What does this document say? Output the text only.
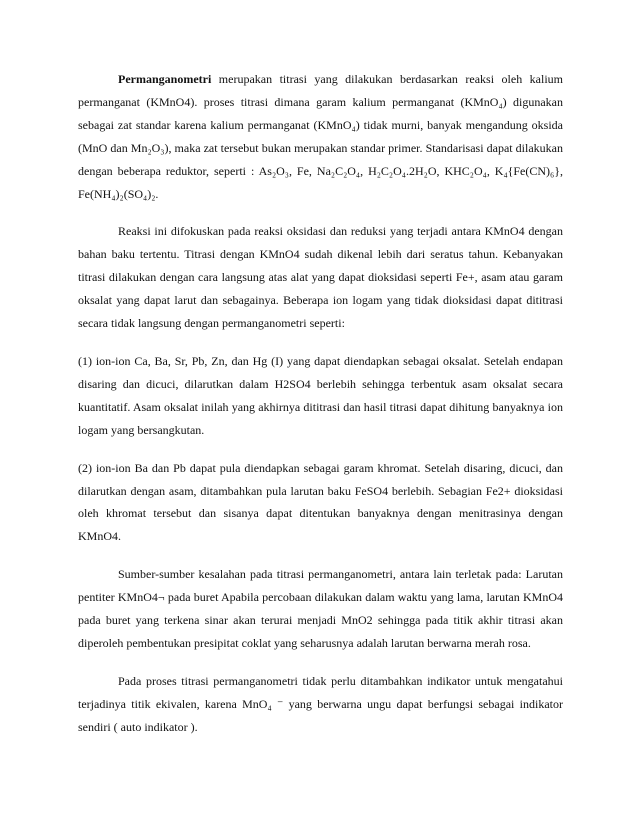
Permanganometri merupakan titrasi yang dilakukan berdasarkan reaksi oleh kalium permanganat (KMnO4). proses titrasi dimana garam kalium permanganat (KMnO₄) digunakan sebagai zat standar karena kalium permanganat (KMnO₄) tidak murni, banyak mengandung oksida (MnO dan Mn₂O₃), maka zat tersebut bukan merupakan standar primer. Standarisasi dapat dilakukan dengan beberapa reduktor, seperti : As₂O₃, Fe, Na₂C₂O₄, H₂C₂O₄.2H₂O, KHC₂O₄, K₄{Fe(CN)₆}, Fe(NH₄)₂(SO₄)₂.

Reaksi ini difokuskan pada reaksi oksidasi dan reduksi yang terjadi antara KMnO4 dengan bahan baku tertentu. Titrasi dengan KMnO4 sudah dikenal lebih dari seratus tahun. Kebanyakan titrasi dilakukan dengan cara langsung atas alat yang dapat dioksidasi seperti Fe+, asam atau garam oksalat yang dapat larut dan sebagainya. Beberapa ion logam yang tidak dioksidasi dapat dititrasi secara tidak langsung dengan permanganometri seperti:

(1) ion-ion Ca, Ba, Sr, Pb, Zn, dan Hg (I) yang dapat diendapkan sebagai oksalat. Setelah endapan disaring dan dicuci, dilarutkan dalam H2SO4 berlebih sehingga terbentuk asam oksalat secara kuantitatif. Asam oksalat inilah yang akhirnya dititrasi dan hasil titrasi dapat dihitung banyaknya ion logam yang bersangkutan.

(2) ion-ion Ba dan Pb dapat pula diendapkan sebagai garam khromat. Setelah disaring, dicuci, dan dilarutkan dengan asam, ditambahkan pula larutan baku FeSO4 berlebih. Sebagian Fe2+ dioksidasi oleh khromat tersebut dan sisanya dapat ditentukan banyaknya dengan menitrasinya dengan KMnO4.

Sumber-sumber kesalahan pada titrasi permanganometri, antara lain terletak pada: Larutan pentiter KMnO4¬ pada buret Apabila percobaan dilakukan dalam waktu yang lama, larutan KMnO4 pada buret yang terkena sinar akan terurai menjadi MnO2 sehingga pada titik akhir titrasi akan diperoleh pembentukan presipitat coklat yang seharusnya adalah larutan berwarna merah rosa.

Pada proses titrasi permanganometri tidak perlu ditambahkan indikator untuk mengatahui terjadinya titik ekivalen, karena MnO₄ ⁻ yang berwarna ungu dapat berfungsi sebagai indikator sendiri ( auto indikator ).
